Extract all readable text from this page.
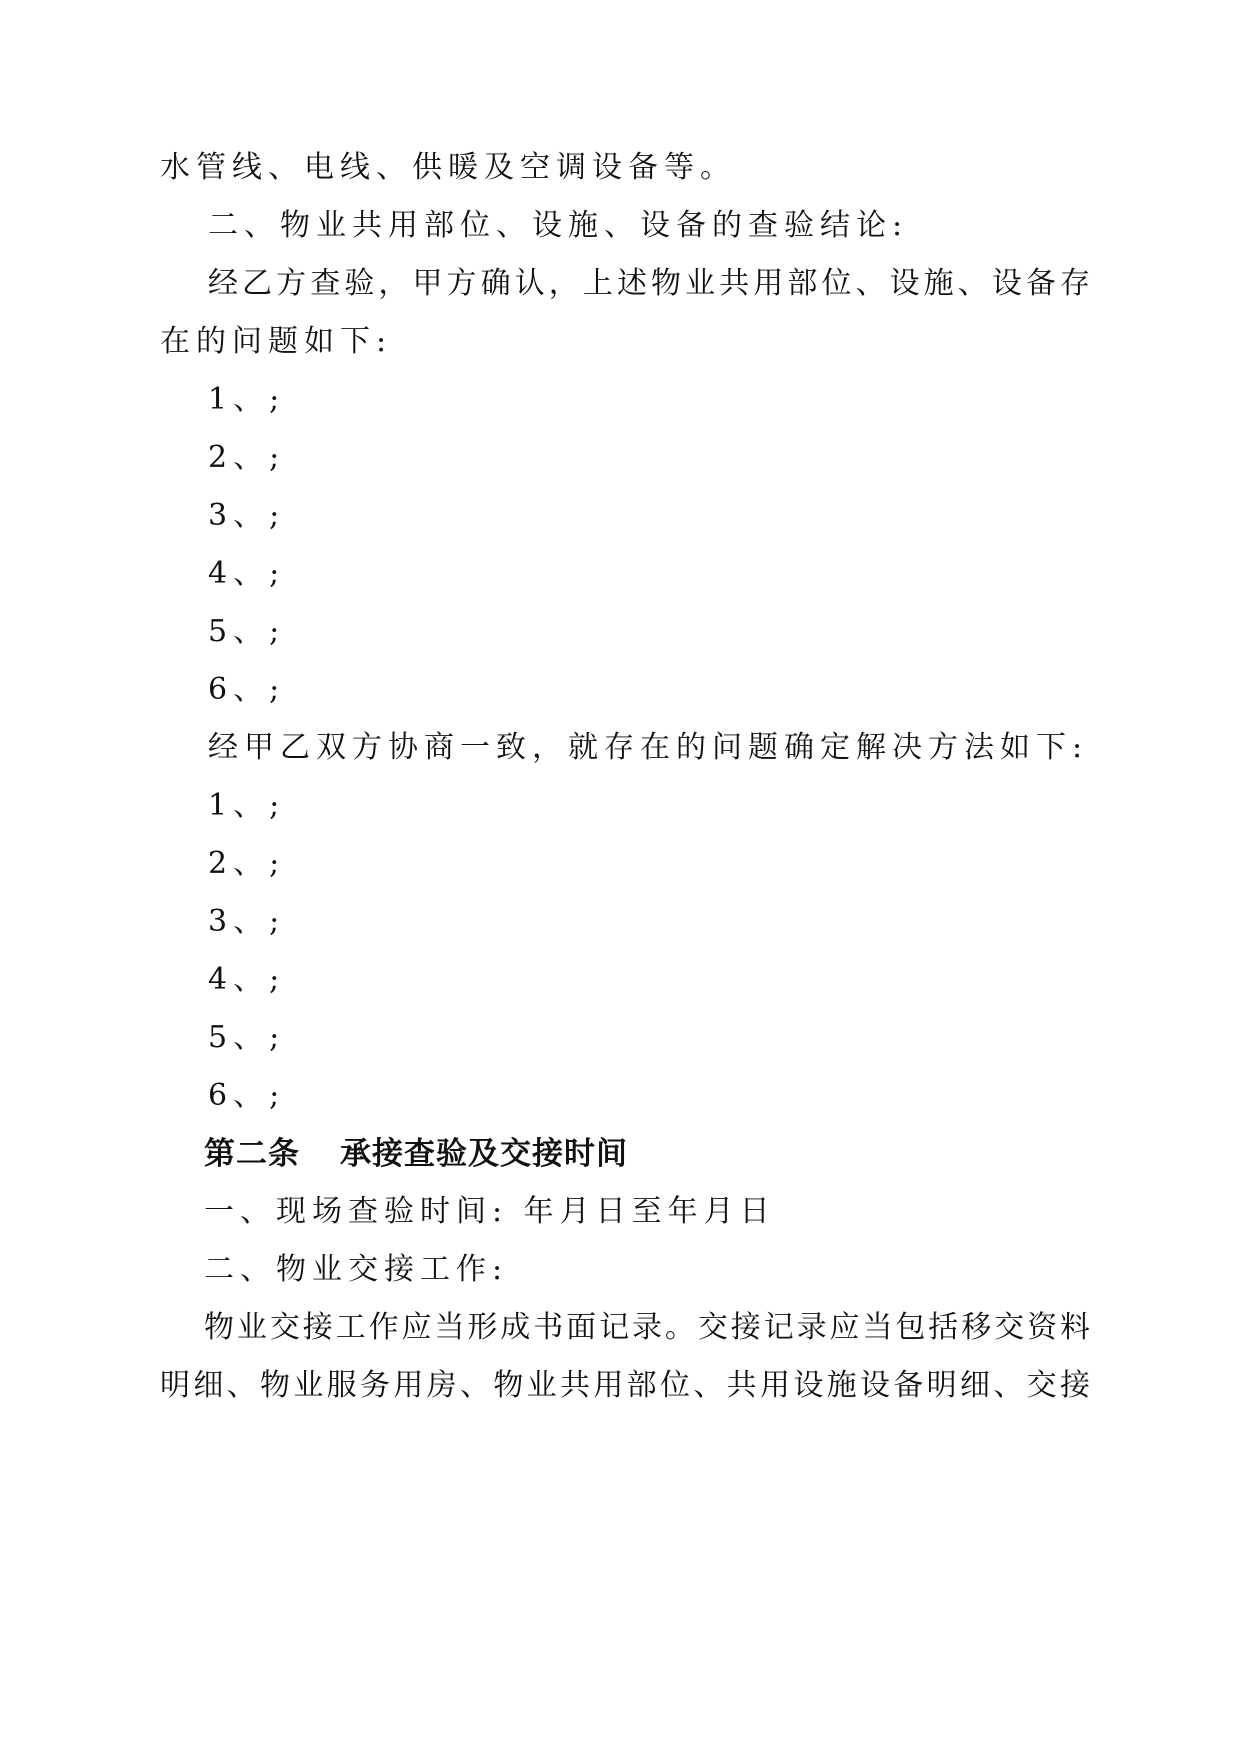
水管线、电线、供暖及空调设备等。
二、物业共用部位、设施、设备的查验结论:
经乙方查验，甲方确认，上述物业共用部位、设施、设备存
在的问题如下:
1、;
2、;
3、;
4、;
5、;
6、;
经甲乙双方协商一致，就存在的问题确定解决方法如下:
1、;
2、;
3、;
4、;
5、;
6、;
第二条 承接查验及交接时间
一、现场查验时间: 年月日至年月日
二、物业交接工作:
物业交接工作应当形成书面记录。交接记录应当包括移交资料
明细、物业服务用房、物业共用部位、共用设施设备明细、交接
